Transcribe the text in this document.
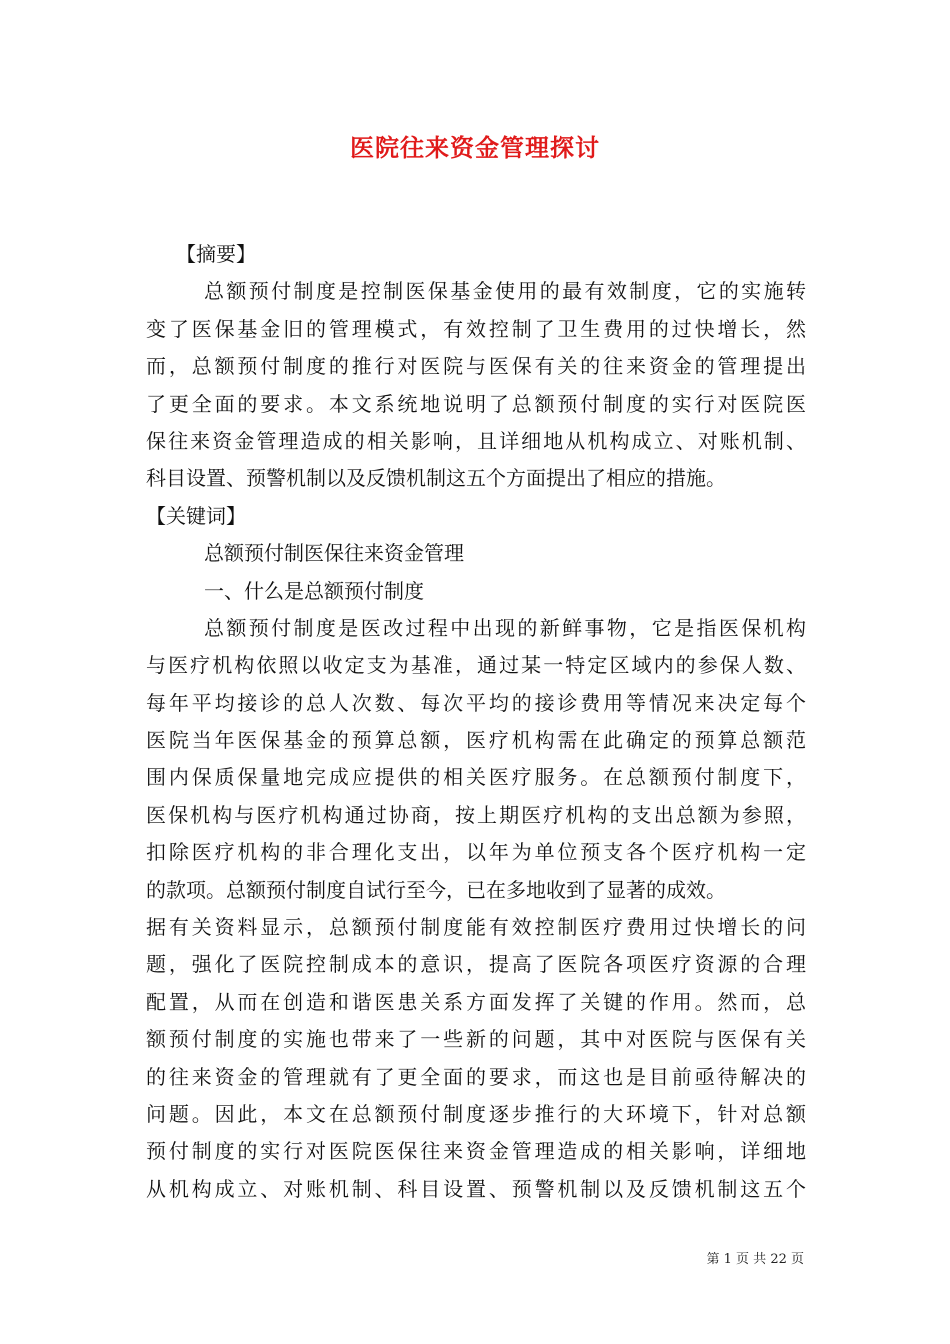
医院往来资金管理探讨
【摘要】
总额预付制度是控制医保基金使用的最有效制度，它的实施转
变了医保基金旧的管理模式，有效控制了卫生费用的过快增长，然
而，总额预付制度的推行对医院与医保有关的往来资金的管理提出
了更全面的要求。本文系统地说明了总额预付制度的实行对医院医
保往来资金管理造成的相关影响，且详细地从机构成立、对账机制、
科目设置、预警机制以及反馈机制这五个方面提出了相应的措施。
【关键词】
总额预付制医保往来资金管理
一、什么是总额预付制度
总额预付制度是医改过程中出现的新鲜事物，它是指医保机构
与医疗机构依照以收定支为基准，通过某一特定区域内的参保人数、
每年平均接诊的总人次数、每次平均的接诊费用等情况来决定每个
医院当年医保基金的预算总额，医疗机构需在此确定的预算总额范
围内保质保量地完成应提供的相关医疗服务。在总额预付制度下，
医保机构与医疗机构通过协商，按上期医疗机构的支出总额为参照，
扣除医疗机构的非合理化支出，以年为单位预支各个医疗机构一定
的款项。总额预付制度自试行至今，已在多地收到了显著的成效。
据有关资料显示，总额预付制度能有效控制医疗费用过快增长的问
题，强化了医院控制成本的意识，提高了医院各项医疗资源的合理
配置，从而在创造和谐医患关系方面发挥了关键的作用。然而，总
额预付制度的实施也带来了一些新的问题，其中对医院与医保有关
的往来资金的管理就有了更全面的要求，而这也是目前亟待解决的
问题。因此，本文在总额预付制度逐步推行的大环境下，针对总额
预付制度的实行对医院医保往来资金管理造成的相关影响，详细地
从机构成立、对账机制、科目设置、预警机制以及反馈机制这五个
第 1 页 共 22 页
